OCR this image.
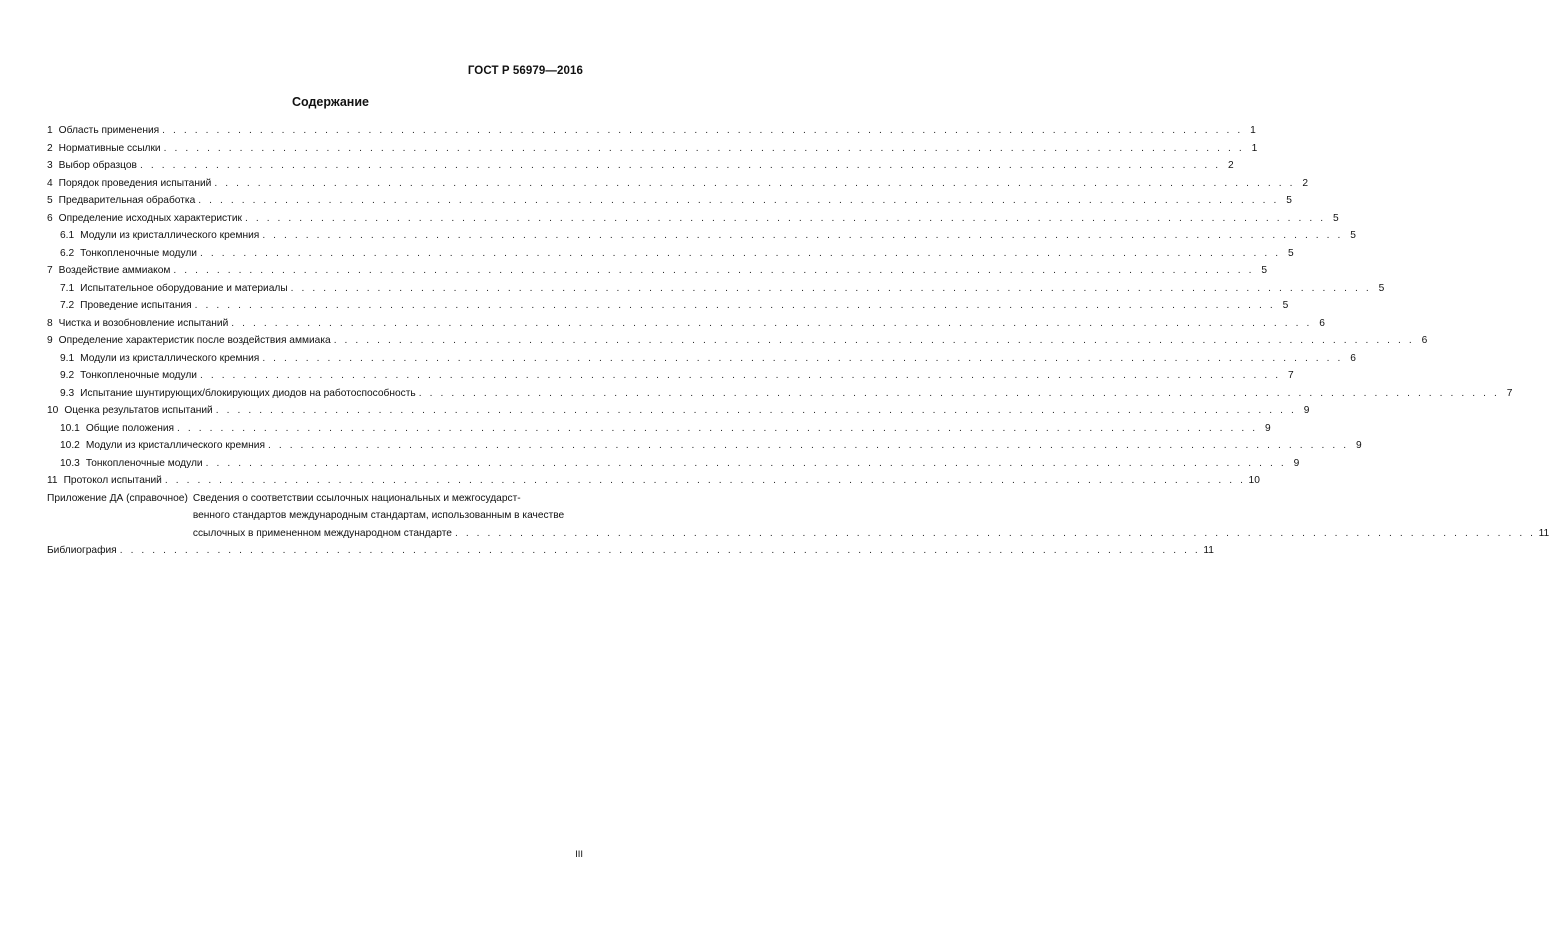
ГОСТ Р 56979—2016
Содержание
1 Область применения . . .	1
2 Нормативные ссылки . . .	1
3 Выбор образцов . . .	2
4 Порядок проведения испытаний . . .	2
5 Предварительная обработка . . .	5
6 Определение исходных характеристик . . .	5
6.1 Модули из кристаллического кремния . . .	5
6.2 Тонкопленочные модули . . .	5
7 Воздействие аммиаком . . .	5
7.1 Испытательное оборудование и материалы . . .	5
7.2 Проведение испытания . . .	5
8 Чистка и возобновление испытаний . . .	6
9 Определение характеристик после воздействия аммиака . . .	6
9.1 Модули из кристаллического кремния . . .	6
9.2 Тонкопленочные модули . . .	7
9.3 Испытание шунтирующих/блокирующих диодов на работоспособность . . .	7
10 Оценка результатов испытаний . . .	9
10.1 Общие положения . . .	9
10.2 Модули из кристаллического кремния . . .	9
10.3 Тонкопленочные модули . . .	9
11 Протокол испытаний . . .	10
Приложение ДА (справочное) Сведения о соответствии ссылочных национальных и межгосударст-
венного стандартов международным стандартам, использованным в качестве
ссылочных в примененном международном стандарте . . .	11
Библиография . . .	11
III
